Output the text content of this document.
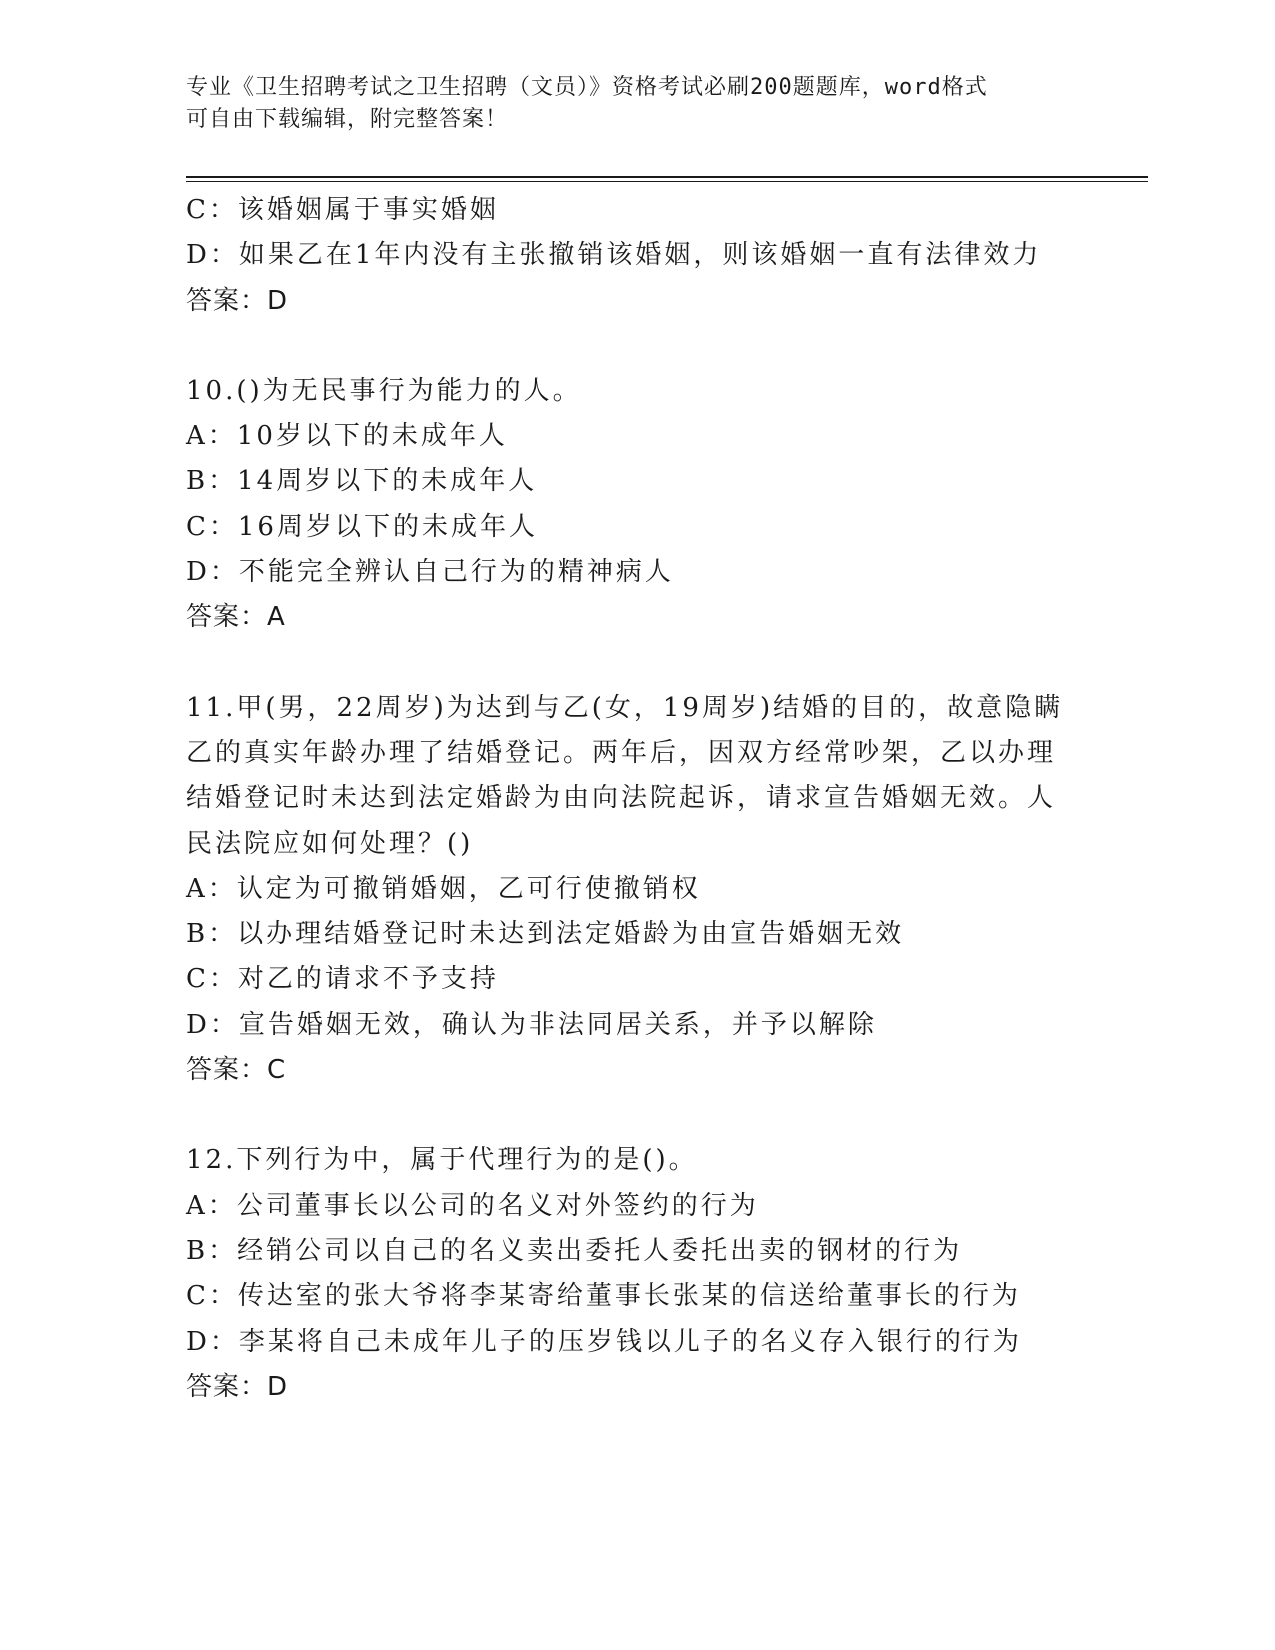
专业《卫生招聘考试之卫生招聘（文员）》资格考试必刷200题题库，word格式
可自由下载编辑，附完整答案！
C：该婚姻属于事实婚姻
D：如果乙在1年内没有主张撤销该婚姻，则该婚姻一直有法律效力
答案：D
10.()为无民事行为能力的人。
A：10岁以下的未成年人
B：14周岁以下的未成年人
C：16周岁以下的未成年人
D：不能完全辨认自己行为的精神病人
答案：A
11.甲(男，22周岁)为达到与乙(女，19周岁)结婚的目的，故意隐瞒
乙的真实年龄办理了结婚登记。两年后，因双方经常吵架，乙以办理
结婚登记时未达到法定婚龄为由向法院起诉，请求宣告婚姻无效。人
民法院应如何处理？()
A：认定为可撤销婚姻，乙可行使撤销权
B：以办理结婚登记时未达到法定婚龄为由宣告婚姻无效
C：对乙的请求不予支持
D：宣告婚姻无效，确认为非法同居关系，并予以解除
答案：C
12.下列行为中，属于代理行为的是()。
A：公司董事长以公司的名义对外签约的行为
B：经销公司以自己的名义卖出委托人委托出卖的钢材的行为
C：传达室的张大爷将李某寄给董事长张某的信送给董事长的行为
D：李某将自己未成年儿子的压岁钱以儿子的名义存入银行的行为
答案：D
